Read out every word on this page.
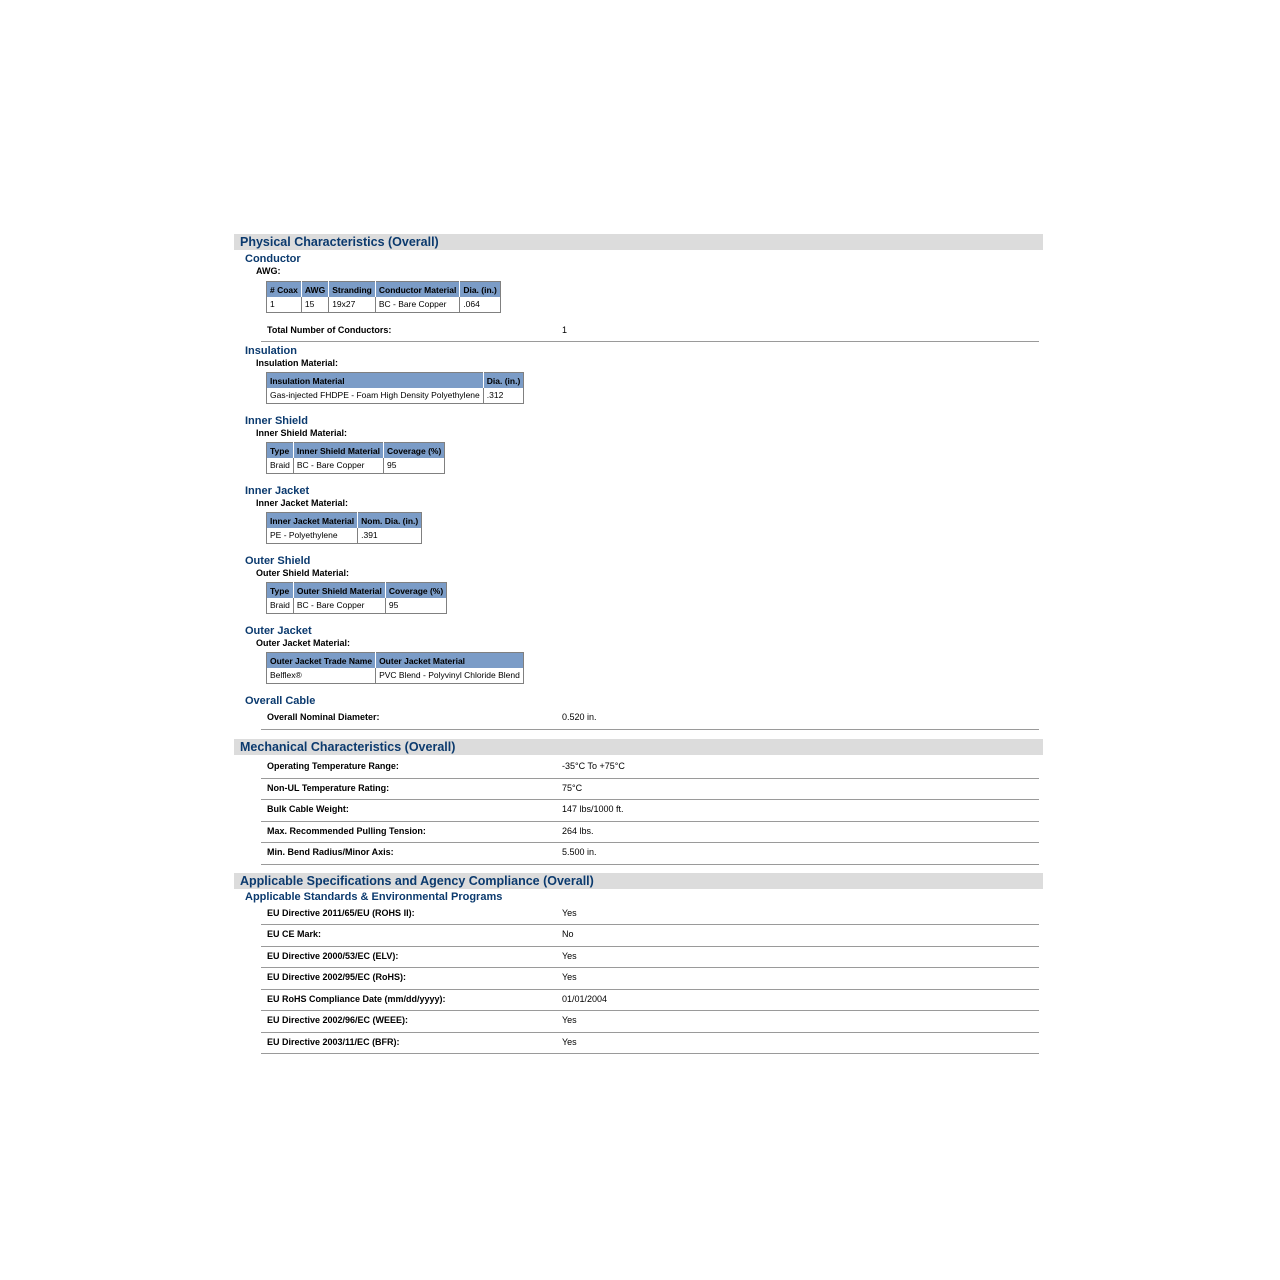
Physical Characteristics (Overall)
Conductor
AWG:
# Coax	AWG	Stranding	Conductor Material	Dia. (in.)
1	15	19x27	BC - Bare Copper	.064
Total Number of Conductors:	1
Insulation
Insulation Material:
Insulation Material	Dia. (in.)
Gas-injected FHDPE - Foam High Density Polyethylene	.312
Inner Shield
Inner Shield Material:
Type	Inner Shield Material	Coverage (%)
Braid	BC - Bare Copper	95
Inner Jacket
Inner Jacket Material:
Inner Jacket Material	Nom. Dia. (in.)
PE - Polyethylene	.391
Outer Shield
Outer Shield Material:
Type	Outer Shield Material	Coverage (%)
Braid	BC - Bare Copper	95
Outer Jacket
Outer Jacket Material:
Outer Jacket Trade Name	Outer Jacket Material
Belflex®	PVC Blend - Polyvinyl Chloride Blend
Overall Cable
Overall Nominal Diameter:	0.520 in.
Mechanical Characteristics (Overall)
Operating Temperature Range:	-35°C To +75°C
Non-UL Temperature Rating:	75°C
Bulk Cable Weight:	147 lbs/1000 ft.
Max. Recommended Pulling Tension:	264 lbs.
Min. Bend Radius/Minor Axis:	5.500 in.
Applicable Specifications and Agency Compliance (Overall)
Applicable Standards & Environmental Programs
EU Directive 2011/65/EU (ROHS II):	Yes
EU CE Mark:	No
EU Directive 2000/53/EC (ELV):	Yes
EU Directive 2002/95/EC (RoHS):	Yes
EU RoHS Compliance Date (mm/dd/yyyy):	01/01/2004
EU Directive 2002/96/EC (WEEE):	Yes
EU Directive 2003/11/EC (BFR):	Yes
